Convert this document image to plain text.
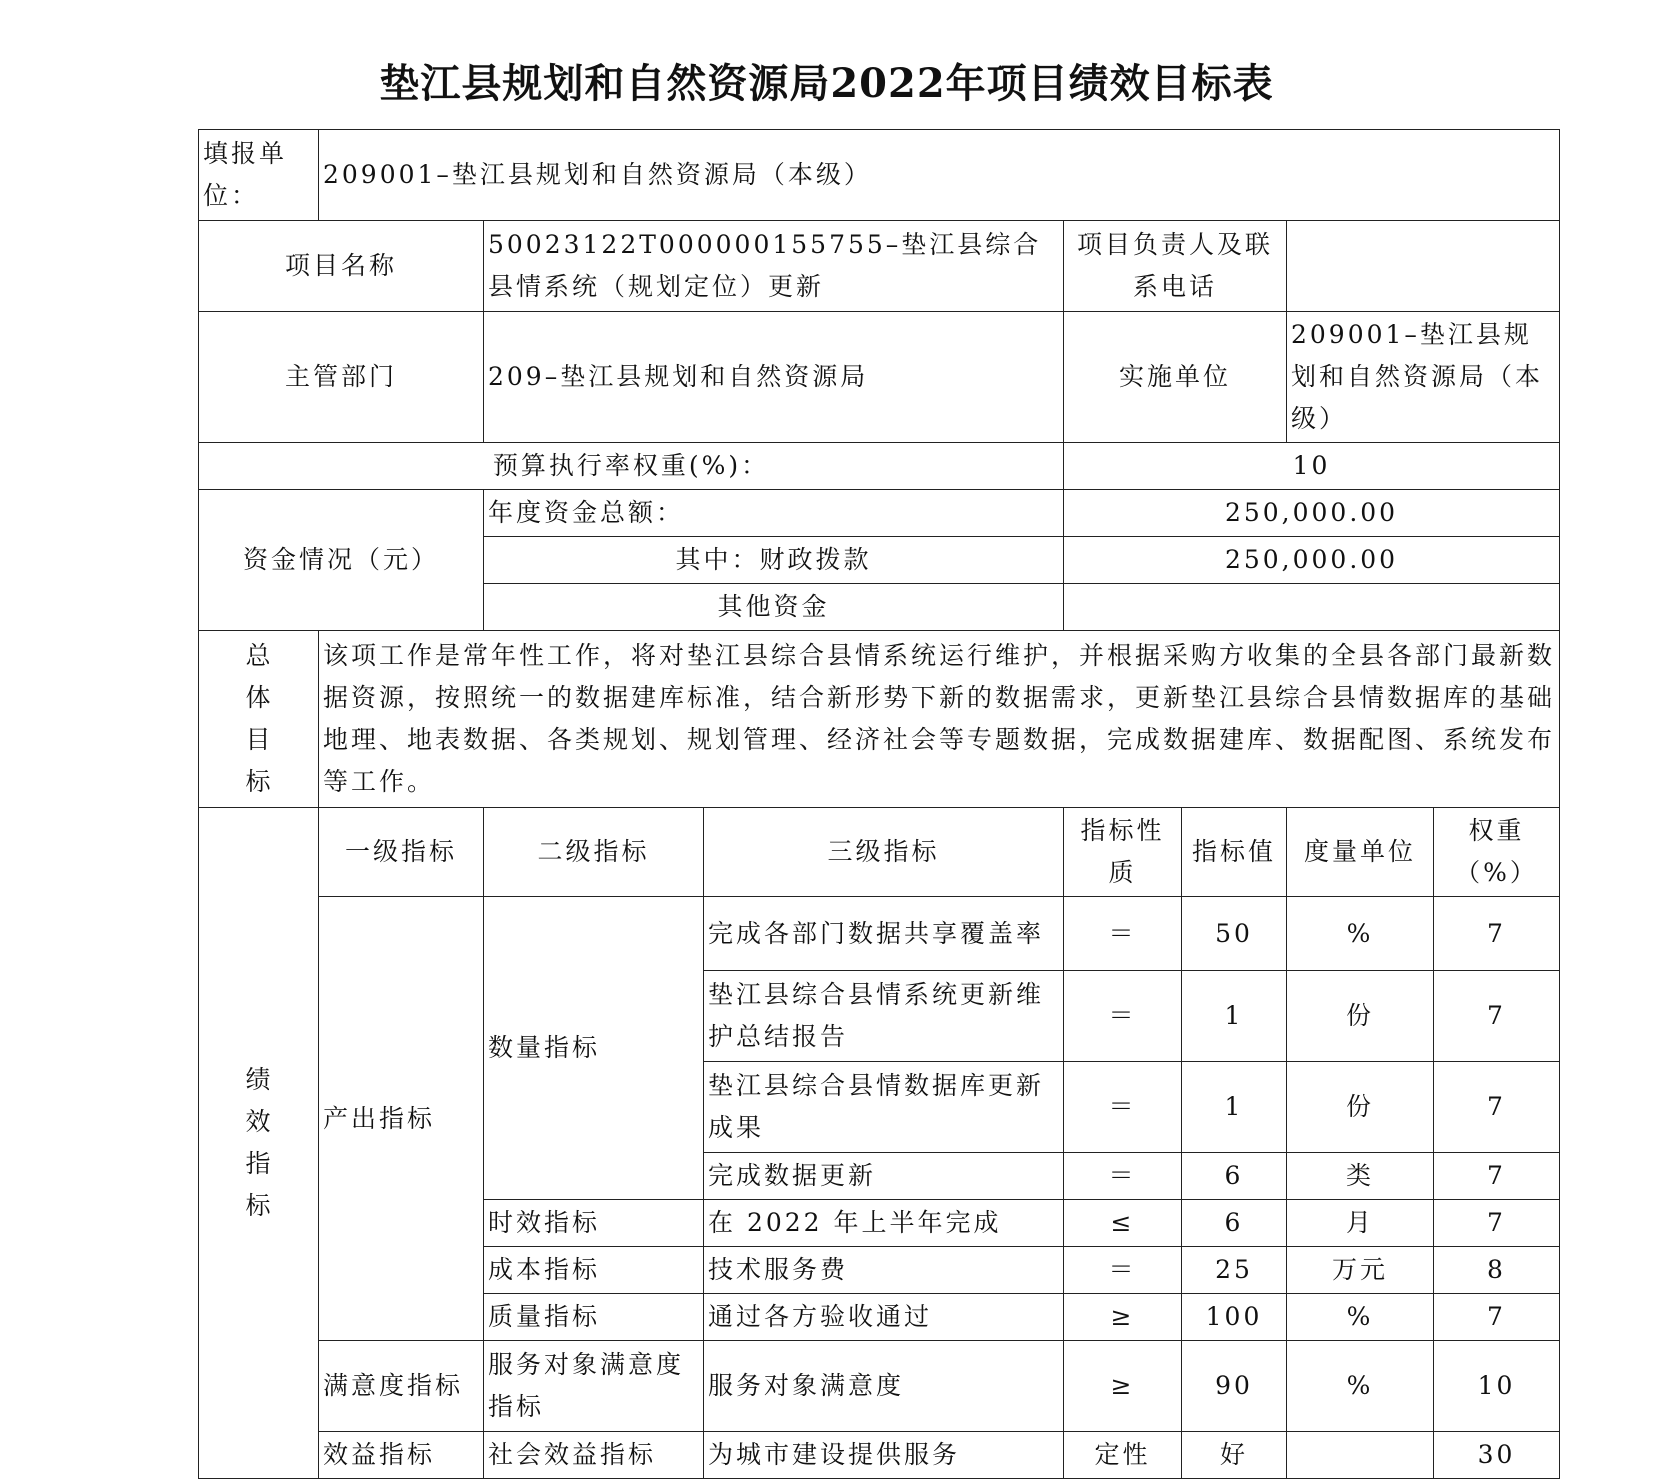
垫江县规划和自然资源局2022年项目绩效目标表
填报单位：	209001–垫江县规划和自然资源局（本级）						
项目名称		50023122T000000155755–垫江县综合县情系统（规划定位）更新		项目负责人及联系电话			
主管部门		209–垫江县规划和自然资源局		实施单位		209001–垫江县规划和自然资源局（本级）	
预算执行率权重(%)：				10			
资金情况（元）		年度资金总额：		250,000.00			
		其中：财政拨款		250,000.00			
		其他资金					

总体目标	该项工作是常年性工作，将对垫江县综合县情系统运行维护，并根据采购方收集的全县各部门最新数据资源，按照统一的数据建库标准，结合新形势下新的数据需求，更新垫江县综合县情数据库的基础地理、地表数据、各类规划、规划管理、经济社会等专题数据，完成数据建库、数据配图、系统发布等工作。						

绩效指标	一级指标	二级指标	三级指标	指标性质	指标值	度量单位	权重（%）
	产出指标	数量指标	完成各部门数据共享覆盖率	＝	50	%	7
			垫江县综合县情系统更新维护总结报告	＝	1	份	7
			垫江县综合县情数据库更新成果	＝	1	份	7
			完成数据更新	＝	6	类	7
		时效指标	在 2022 年上半年完成	≤	6	月	7
		成本指标	技术服务费	＝	25	万元	8
		质量指标	通过各方验收通过	≥	100	%	7
	满意度指标	服务对象满意度指标	服务对象满意度	≥	90	%	10
	效益指标	社会效益指标	为城市建设提供服务	定性	好		30
